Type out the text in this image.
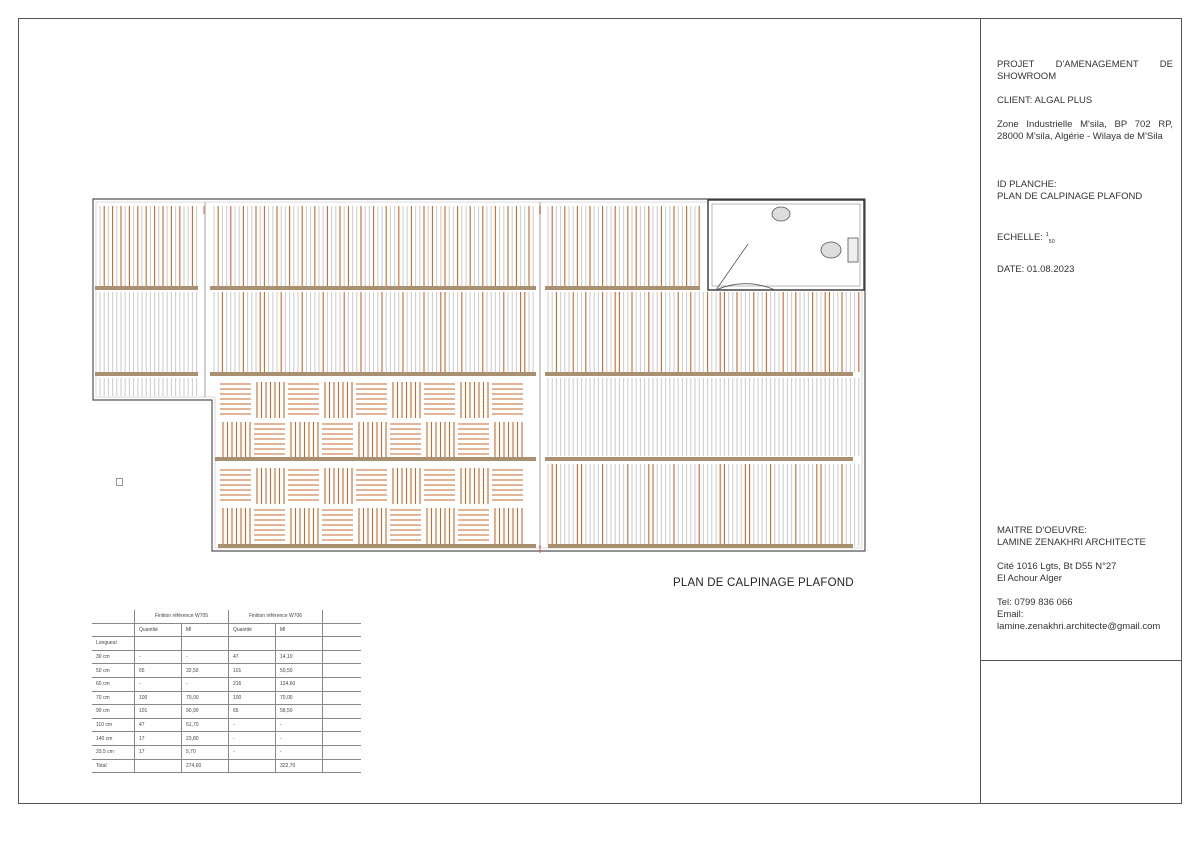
PLAN DE CALPINAGE PLAFOND
	Finition référence W705		Finition référence W706		
	Quantité	Ml	Quantité	Ml	
Longueur					
30 cm	-	-	47	14,10	
50 cm	65	32,50	101	50,50	
60 cm	-	-	216	124,60	
70 cm	100	70,00	100	70,00	
90 cm	101	90,90	65	58,50	
110 cm	47	51,70	-	-	
140 cm	17	23,80	-	-	
33,5 cm	17	5,70	-	-	
Total		274,60		322,70	
PROJET D'AMENAGEMENT DE SHOWROOM
CLIENT: ALGAL PLUS
Zone Industrielle M'sila, BP 702 RP, 28000 M'sila, Algérie - Wilaya de M'Sila
ID PLANCHE:
PLAN DE CALPINAGE PLAFOND
ECHELLE: $^1_{50}$
DATE: 01.08.2023
MAITRE D'OEUVRE:
LAMINE ZENAKHRI ARCHITECTE
Cité 1016 Lgts, Bt D55 N°27
El Achour Alger
Tel: 0799 836 066
Email:
lamine.zenakhri.architecte@gmail.com
